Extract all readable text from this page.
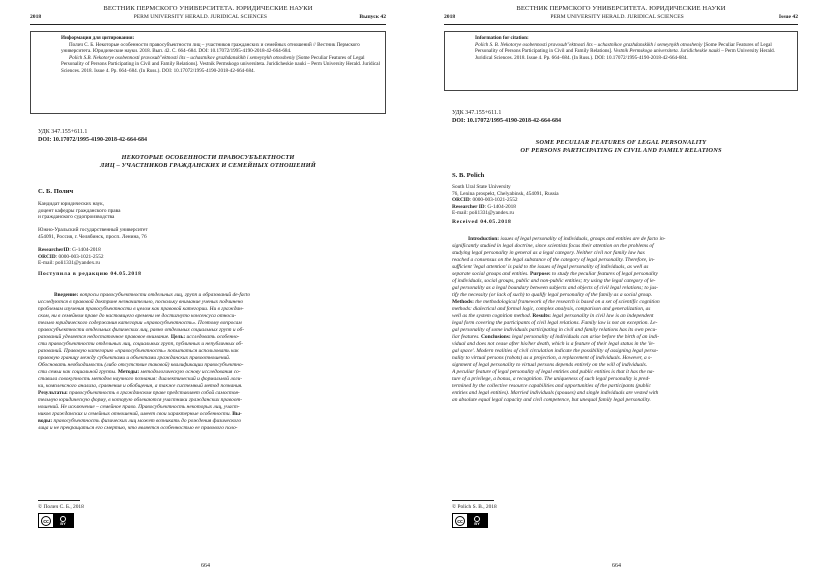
ВЕСТНИК ПЕРМСКОГО УНИВЕРСИТЕТА. ЮРИДИЧЕСКИЕ НАУКИ
2018	PERM UNIVERSITY HERALD. JURIDICAL SCIENCES	Выпуск 42
Информация для цитирования:
Полич С. Б. Некоторые особенности правосубъектности лиц – участников гражданских и семейных отношений // Вестник Пермского университета. Юридические науки. 2018. Вып. 42. C. 664–684. DOI: 10.17072/1995-4190-2018-42-664-684.
Polich S.B. Nekotorye osobennosti pravosub"ektnosti lits – uchastnikov grazhdanskikh i semeynykh otnosheniy [Some Peculiar Features of Legal Personality of Persons Participating in Civil and Family Relations]. Vestnik Permskogo universiteta. Juridicheskie nauki – Perm University Herald. Juridical Sciences. 2018. Issue 4. Pp. 664–684. (In Russ.). DOI: 10.17072/1995-4190-2018-42-664-684.
УДК 347.155+611.1
DOI: 10.17072/1995-4190-2018-42-664-684
НЕКОТОРЫЕ ОСОБЕННОСТИ ПРАВОСУБЪЕКТНОСТИ
ЛИЦ – УЧАСТНИКОВ ГРАЖДАНСКИХ И СЕМЕЙНЫХ ОТНОШЕНИЙ
С. Б. Полич
Кандидат юридических наук,
доцент кафедры гражданского права
и гражданского судопроизводства
Южно-Уральский государственный университет
454091, Россия, г. Челябинск, просп. Ленина, 76
ResearcherID: G-1404-2018
ORCID: 0000-003-1021-2552
E-mail: poli1331@yandex.ru
Поступила в редакцию 04.05.2018
Введение: вопросы правосубъектности отдельных лиц, групп и образований de-facto
исследуются в правовой доктрине незначительно, поскольку внимание ученых подчинено
проблемам изучения правосубъектности в целом как правовой категории. Ни в граждан-
ском, ни в семейном праве до настоящего времени не достигнуто консенсуса относи-
тельно юридического содержания категории «правосубъектность». Поэтому вопросам
правосубъектности отдельных физических лиц, равно отдельных социальных групп и об-
разований уделяется недостаточное правовое внимание. Цель: исследовать особенно-
сти правосубъектности отдельных лиц, социальных групп, публичных и непубличных об-
разований. Правовую категорию «правосубъектность» попытаться использовать как
правовую границу между субъектами и объектами гражданских правоотношений.
Обосновать необходимость (либо отсутствие таковой) квалификации правосубъектно-
сти семьи как социальной группы. Методы: методологическую основу исследования со-
ставила совокупность методов научного познания: диалектический и формальной логи-
ки, комплексного анализа, сравнения и обобщения, а также системный метод познания.
Результаты: правосубъектность в гражданском праве представляет собой самостоя-
тельную юридическую форму, в которую облекаются участники гражданских правоот-
ношений. Не исключение – семейное право. Правосубъектность некоторых лиц, участ-
ников гражданских и семейных отношений, имеет свои характерные особенности. Вы-
воды: правосубъектность физических лиц может возникать до рождения физического
лица и не прекращаться его смертью, что является особенностью ее правового поло-
© Полич С. Б., 2018
cc	BY
664
ВЕСТНИК ПЕРМСКОГО УНИВЕРСИТЕТА. ЮРИДИЧЕСКИЕ НАУКИ
2018	PERM UNIVERSITY HERALD. JURIDICAL SCIENCES	Issue 42
Information for citation:
Polich S. B. Nekotorye osobennosti pravosub"ektnosti lits – uchastnikov grazhdanskikh i semeynykh otnosheniy [Some Peculiar Features of Legal Personality of Persons Participating in Civil and Family Relations]. Vestnik Permskogo universiteta. Juridicheskie nauki – Perm University Herald. Juridical Sciences. 2018. Issue 4. Pp. 664–684. (In Russ.). DOI: 10.17072/1995-4190-2018-42-664-684.
УДК 347.155+611.1
DOI: 10.17072/1995-4190-2018-42-664-684
SOME PECULIAR FEATURES OF LEGAL PERSONALITY
OF PERSONS PARTICIPATING IN CIVIL AND FAMILY RELATIONS
S. B. Polich
South Ural State University
76, Lenina prospekt, Chelyabinsk, 454091, Russia
ORCID: 0000-003-1021-2552
Researcher ID: G-1404-2018
E-mail: poli1331@yandex.ru
Received 04.05.2018
Introduction: issues of legal personality of individuals, groups and entities are de facto in-
significantly studied in legal doctrine, since scientists focus their attention on the problems of
studying legal personality in general as a legal category. Neither civil nor family law has
reached a consensus on the legal substance of the category of legal personality. Therefore, in-
sufficient 'legal attention' is paid to the issues of legal personality of individuals, as well as
separate social groups and entities. Purpose: to study the peculiar features of legal personality
of individuals, social groups, public and non-public entities; try using the legal category of le-
gal personality as a legal boundary between subjects and objects of civil legal relations; to jus-
tify the necessity (or lack of such) to qualify legal personality of the family as a social group.
Methods: the methodological framework of the research is based on a set of scientific cognition
methods: dialectical and formal logic, complex analysis, comparison and generalization, as
well as the system cognition method. Results: legal personality in civil law is an independent
legal form covering the participants of civil legal relations. Family law is not an exception. Le-
gal personality of some individuals participating in civil and family relations has its own pecu-
liar features. Conclusions: legal personality of individuals can arise before the birth of an indi-
vidual and does not cease after his/her death, which is a feature of their legal status in the 'le-
gal space'. Modern realities of civil circulation indicate the possibility of assigning legal perso-
nality to virtual persons (robots) as a projection, a replacement of individuals. However, a s-
signment of legal personality to virtual persons depends entirely on the will of individuals.
A peculiar feature of legal personality of legal entities and public entities is that it has the na-
ture of a privilege, a bonus, a recognition. The uniqueness of such legal personality is pred-
termined by the collective resource capabilities and opportunities of the participants (public
entities and legal entities). Married individuals (spouses) and single individuals are vested with
an absolute equal legal capacity and civil competence, but unequal family legal personality.
© Polich S. B., 2018
cc	BY
664
